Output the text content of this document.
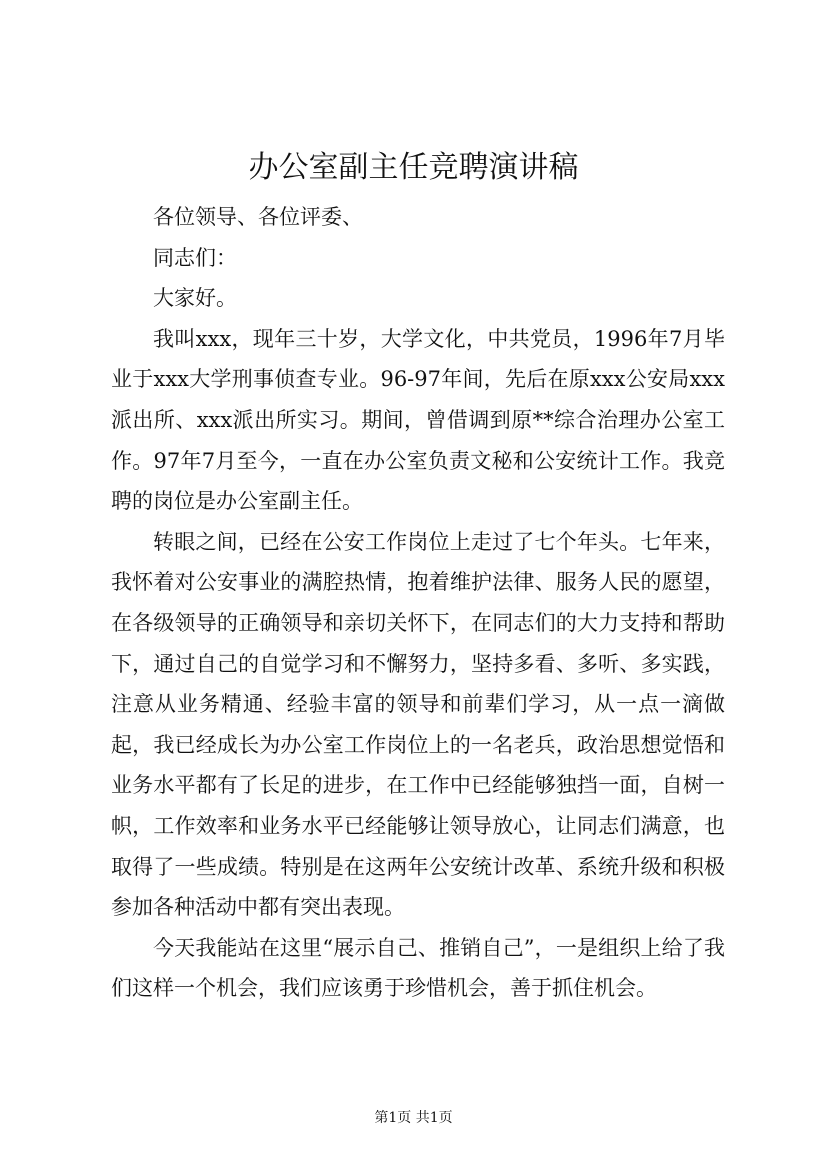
办公室副主任竞聘演讲稿

各位领导、各位评委、

同志们：

大家好。

我叫xxx，现年三十岁，大学文化，中共党员，1996年7月毕业于xxx大学刑事侦查专业。96-97年间，先后在原xxx公安局xxx派出所、xxx派出所实习。期间，曾借调到原**综合治理办公室工作。97年7月至今，一直在办公室负责文秘和公安统计工作。我竞聘的岗位是办公室副主任。

转眼之间，已经在公安工作岗位上走过了七个年头。七年来，我怀着对公安事业的满腔热情，抱着维护法律、服务人民的愿望，在各级领导的正确领导和亲切关怀下，在同志们的大力支持和帮助下，通过自己的自觉学习和不懈努力，坚持多看、多听、多实践，注意从业务精通、经验丰富的领导和前辈们学习，从一点一滴做起，我已经成长为办公室工作岗位上的一名老兵，政治思想觉悟和业务水平都有了长足的进步，在工作中已经能够独挡一面，自树一帜，工作效率和业务水平已经能够让领导放心，让同志们满意，也取得了一些成绩。特别是在这两年公安统计改革、系统升级和积极参加各种活动中都有突出表现。

今天我能站在这里“展示自己、推销自己”，一是组织上给了我们这样一个机会，我们应该勇于珍惜机会，善于抓住机会。

第1页 共1页
